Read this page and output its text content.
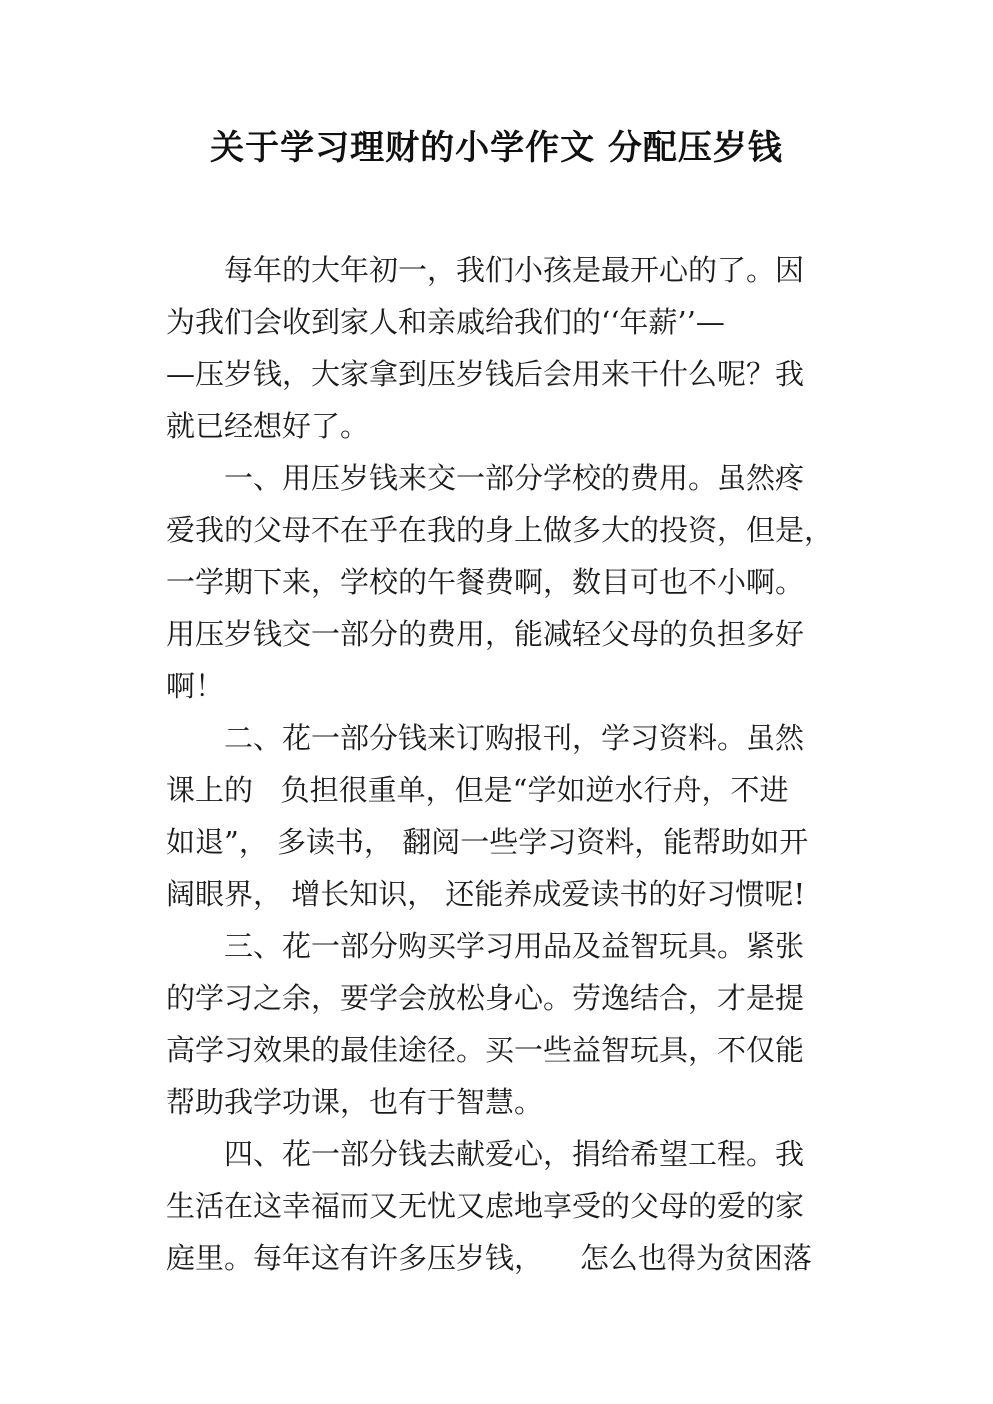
关于学习理财的小学作文 分配压岁钱
每年的大年初一，我们小孩是最开心的了。因
为我们会收到家人和亲戚给我们的‘‘年薪’’—
—压岁钱，大家拿到压岁钱后会用来干什么呢？我
就已经想好了。
一、用压岁钱来交一部分学校的费用。虽然疼
爱我的父母不在乎在我的身上做多大的投资，但是，
一学期下来，学校的午餐费啊，数目可也不小啊。
用压岁钱交一部分的费用，能减轻父母的负担多好
啊！
二、花一部分钱来订购报刊，学习资料。虽然
课上的   负担很重单，但是“学如逆水行舟，不进
如退”， 多读书， 翻阅一些学习资料，能帮助如开
阔眼界， 增长知识， 还能养成爱读书的好习惯呢!
三、花一部分购买学习用品及益智玩具。紧张
的学习之余，要学会放松身心。劳逸结合，才是提
高学习效果的最佳途径。买一些益智玩具，不仅能
帮助我学功课，也有于智慧。
四、花一部分钱去献爱心，捐给希望工程。我
生活在这幸福而又无忧又虑地享受的父母的爱的家
庭里。每年这有许多压岁钱，    怎么也得为贫困落
